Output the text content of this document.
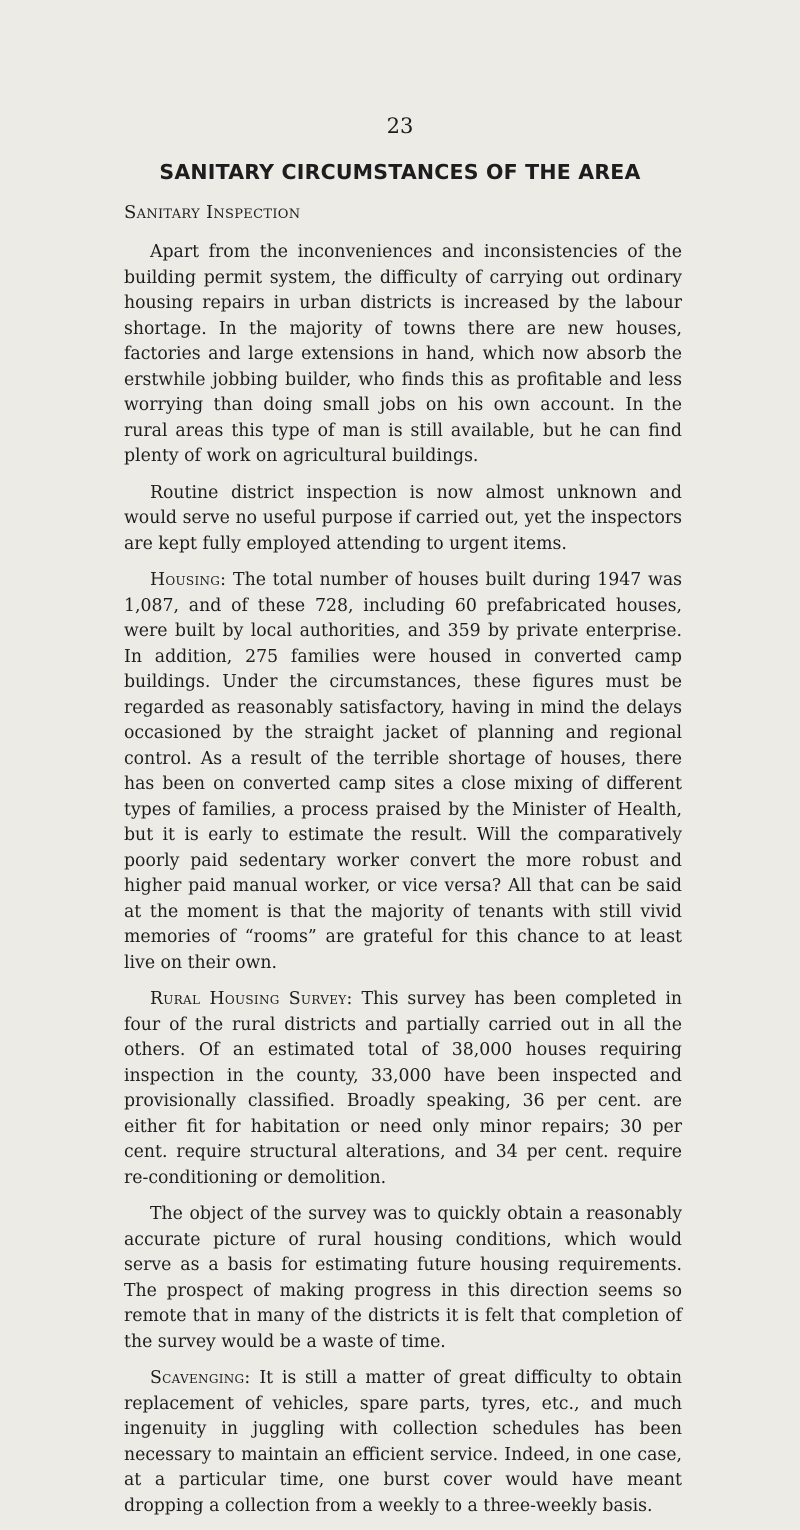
23
SANITARY CIRCUMSTANCES OF THE AREA
Sanitary Inspection

Apart from the inconveniences and inconsistencies of the building permit system, the difficulty of carrying out ordinary housing repairs in urban districts is increased by the labour shortage. In the majority of towns there are new houses, factories and large extensions in hand, which now absorb the erstwhile jobbing builder, who finds this as profitable and less worrying than doing small jobs on his own account. In the rural areas this type of man is still available, but he can find plenty of work on agricultural buildings.

Routine district inspection is now almost unknown and would serve no useful purpose if carried out, yet the inspectors are kept fully employed attending to urgent items.

Housing: The total number of houses built during 1947 was 1,087, and of these 728, including 60 prefabricated houses, were built by local authorities, and 359 by private enterprise. In addition, 275 families were housed in converted camp buildings. Under the circumstances, these figures must be regarded as reasonably satisfactory, having in mind the delays occasioned by the straight jacket of planning and regional control. As a result of the terrible shortage of houses, there has been on converted camp sites a close mixing of different types of families, a process praised by the Minister of Health, but it is early to estimate the result. Will the comparatively poorly paid sedentary worker convert the more robust and higher paid manual worker, or vice versa? All that can be said at the moment is that the majority of tenants with still vivid memories of “rooms” are grateful for this chance to at least live on their own.

Rural Housing Survey: This survey has been completed in four of the rural districts and partially carried out in all the others. Of an estimated total of 38,000 houses requiring inspection in the county, 33,000 have been inspected and provisionally classified. Broadly speaking, 36 per cent. are either fit for habitation or need only minor repairs; 30 per cent. require structural alterations, and 34 per cent. require re-conditioning or demolition.

The object of the survey was to quickly obtain a reasonably accurate picture of rural housing conditions, which would serve as a basis for estimating future housing requirements. The prospect of making progress in this direction seems so remote that in many of the districts it is felt that completion of the survey would be a waste of time.

Scavenging: It is still a matter of great difficulty to obtain replacement of vehicles, spare parts, tyres, etc., and much ingenuity in juggling with collection schedules has been necessary to maintain an efficient service. Indeed, in one case, at a particular time, one burst cover would have meant dropping a collection from a weekly to a three-weekly basis.
